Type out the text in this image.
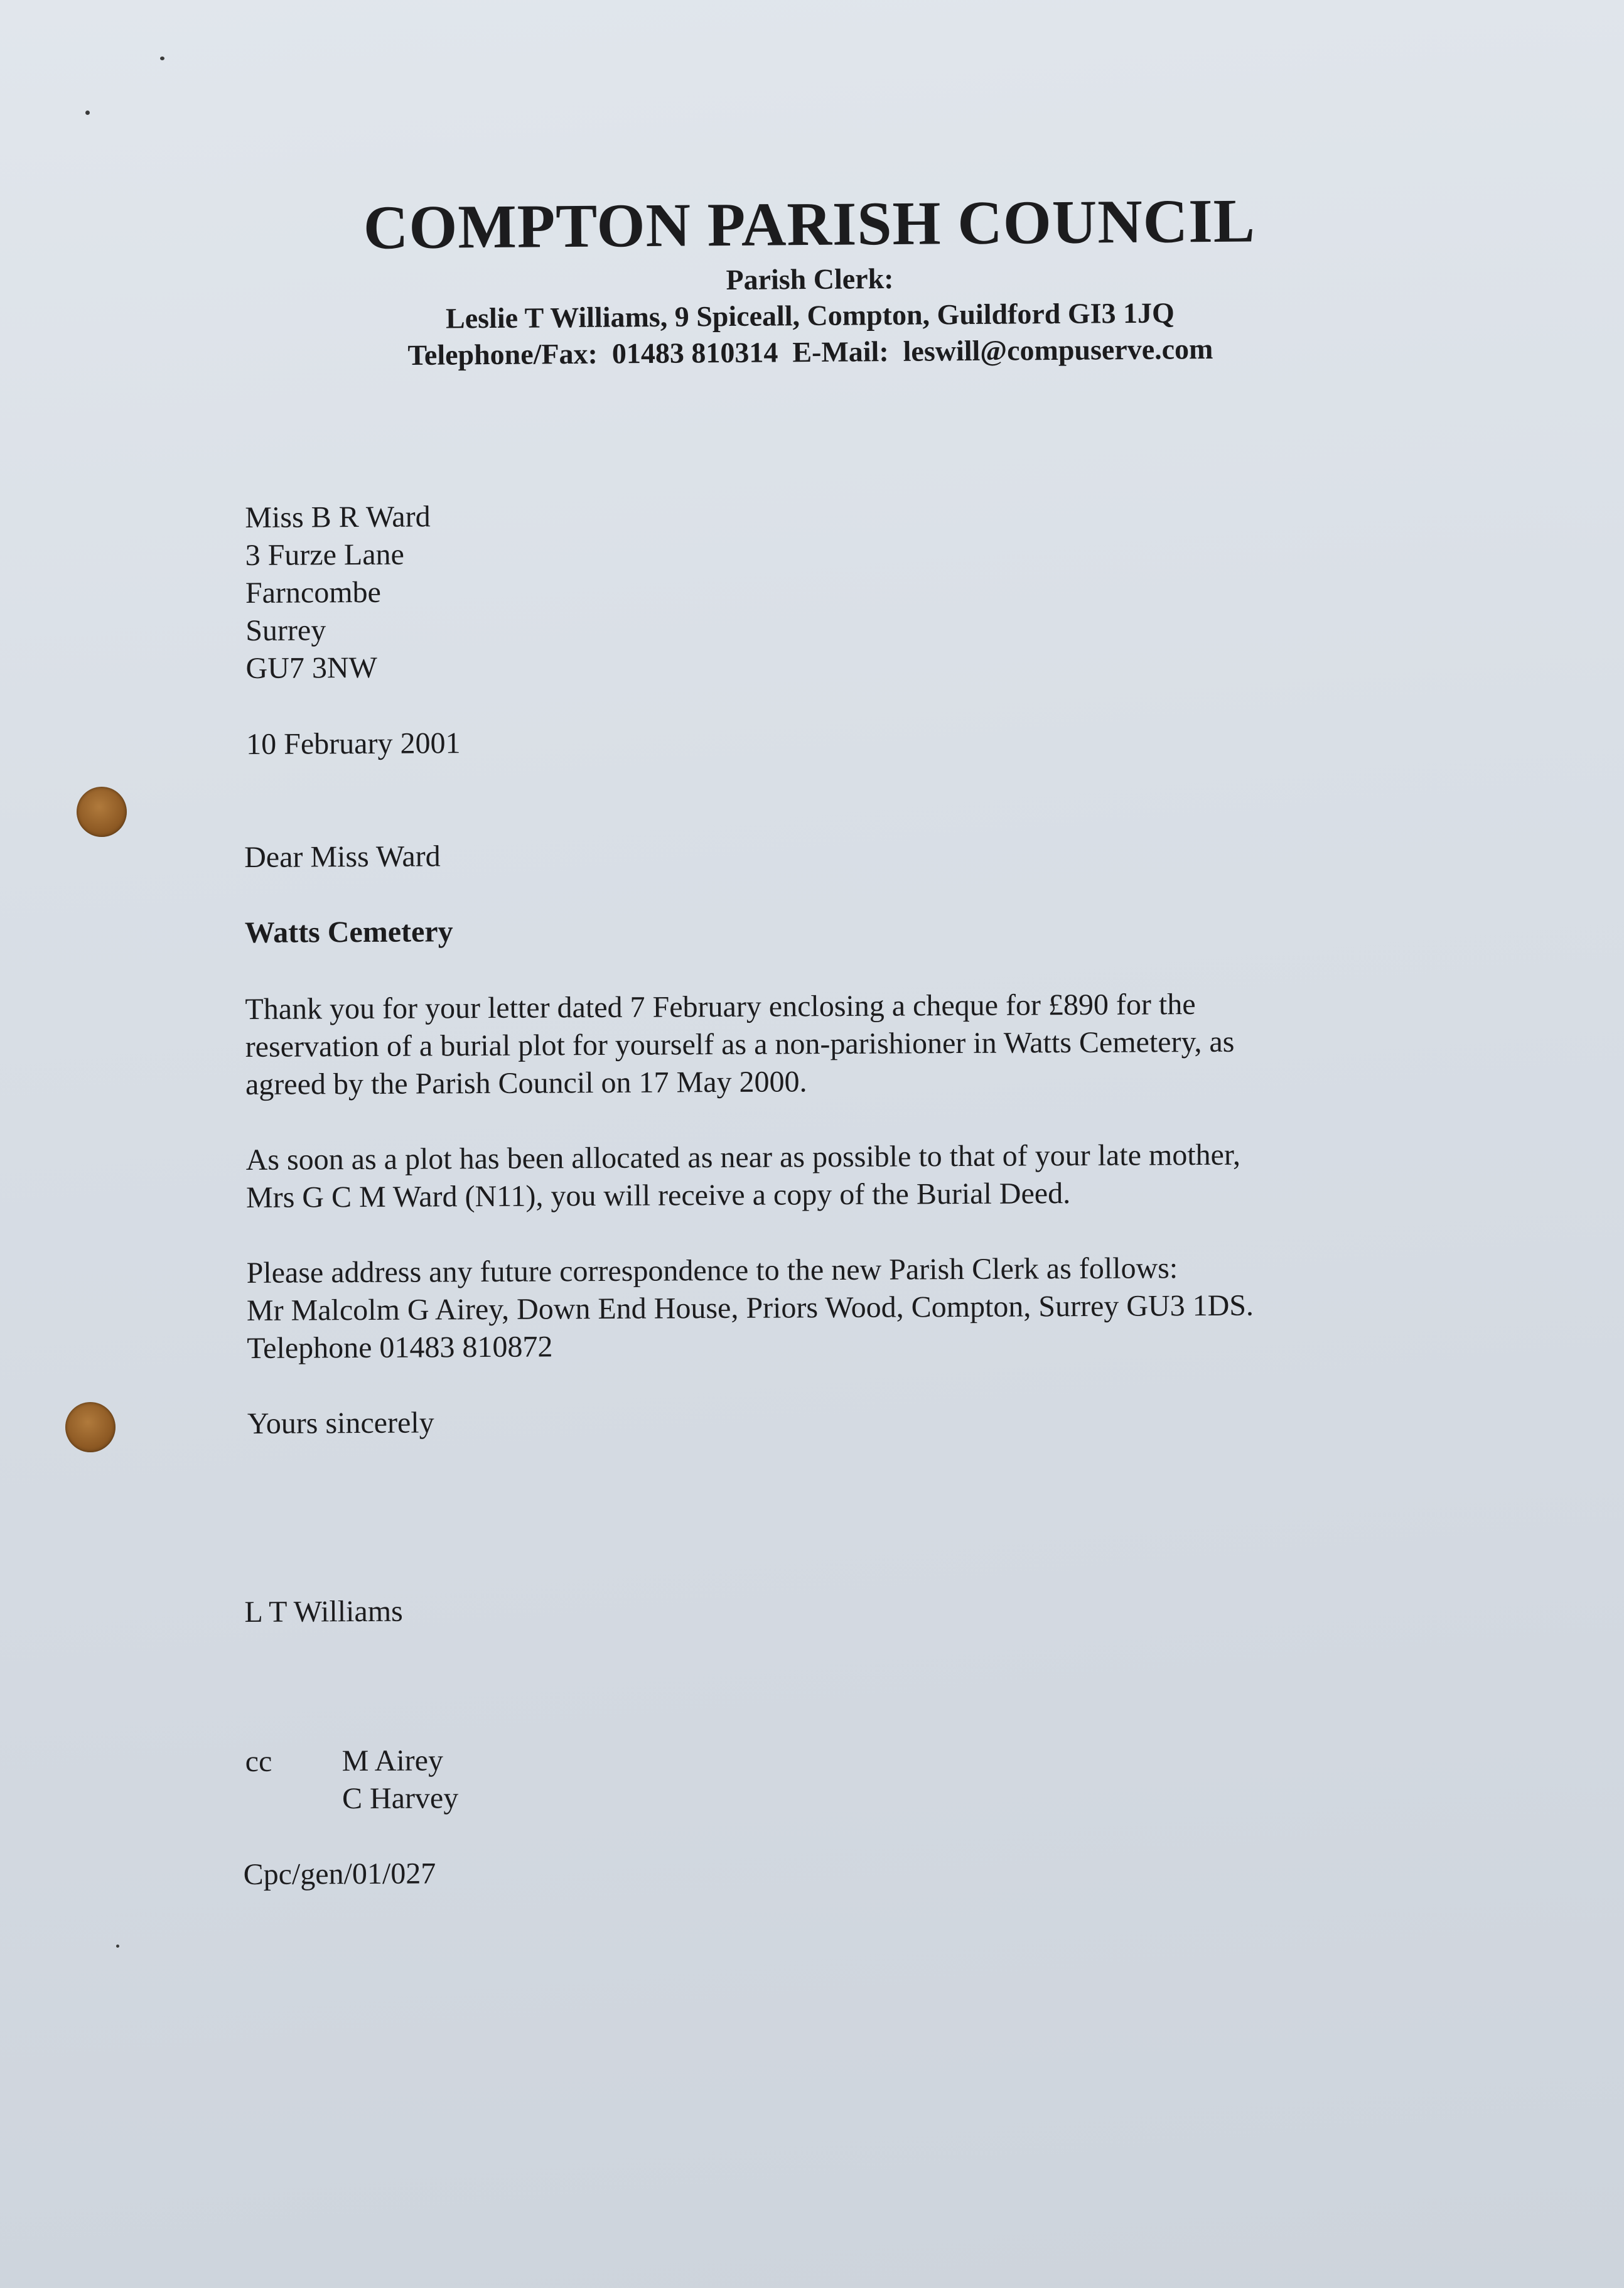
COMPTON PARISH COUNCIL
Parish Clerk:
Leslie T Williams, 9 Spiceall, Compton, Guildford GI3 1JQ
Telephone/Fax:  01483 810314  E-Mail:  leswill@compuserve.com
Miss B R Ward
3 Furze Lane
Farncombe
Surrey
GU7 3NW
10 February 2001
Dear Miss Ward
Watts Cemetery
Thank you for your letter dated 7 February enclosing a cheque for £890 for the
reservation of a burial plot for yourself as a non-parishioner in Watts Cemetery, as
agreed by the Parish Council on 17 May 2000.
As soon as a plot has been allocated as near as possible to that of your late mother,
Mrs G C M Ward (N11), you will receive a copy of the Burial Deed.
Please address any future correspondence to the new Parish Clerk as follows:
Mr Malcolm G Airey, Down End House, Priors Wood, Compton, Surrey GU3 1DS.
Telephone 01483 810872
Yours sincerely
L T Williams
cc M Airey
C Harvey
Cpc/gen/01/027
